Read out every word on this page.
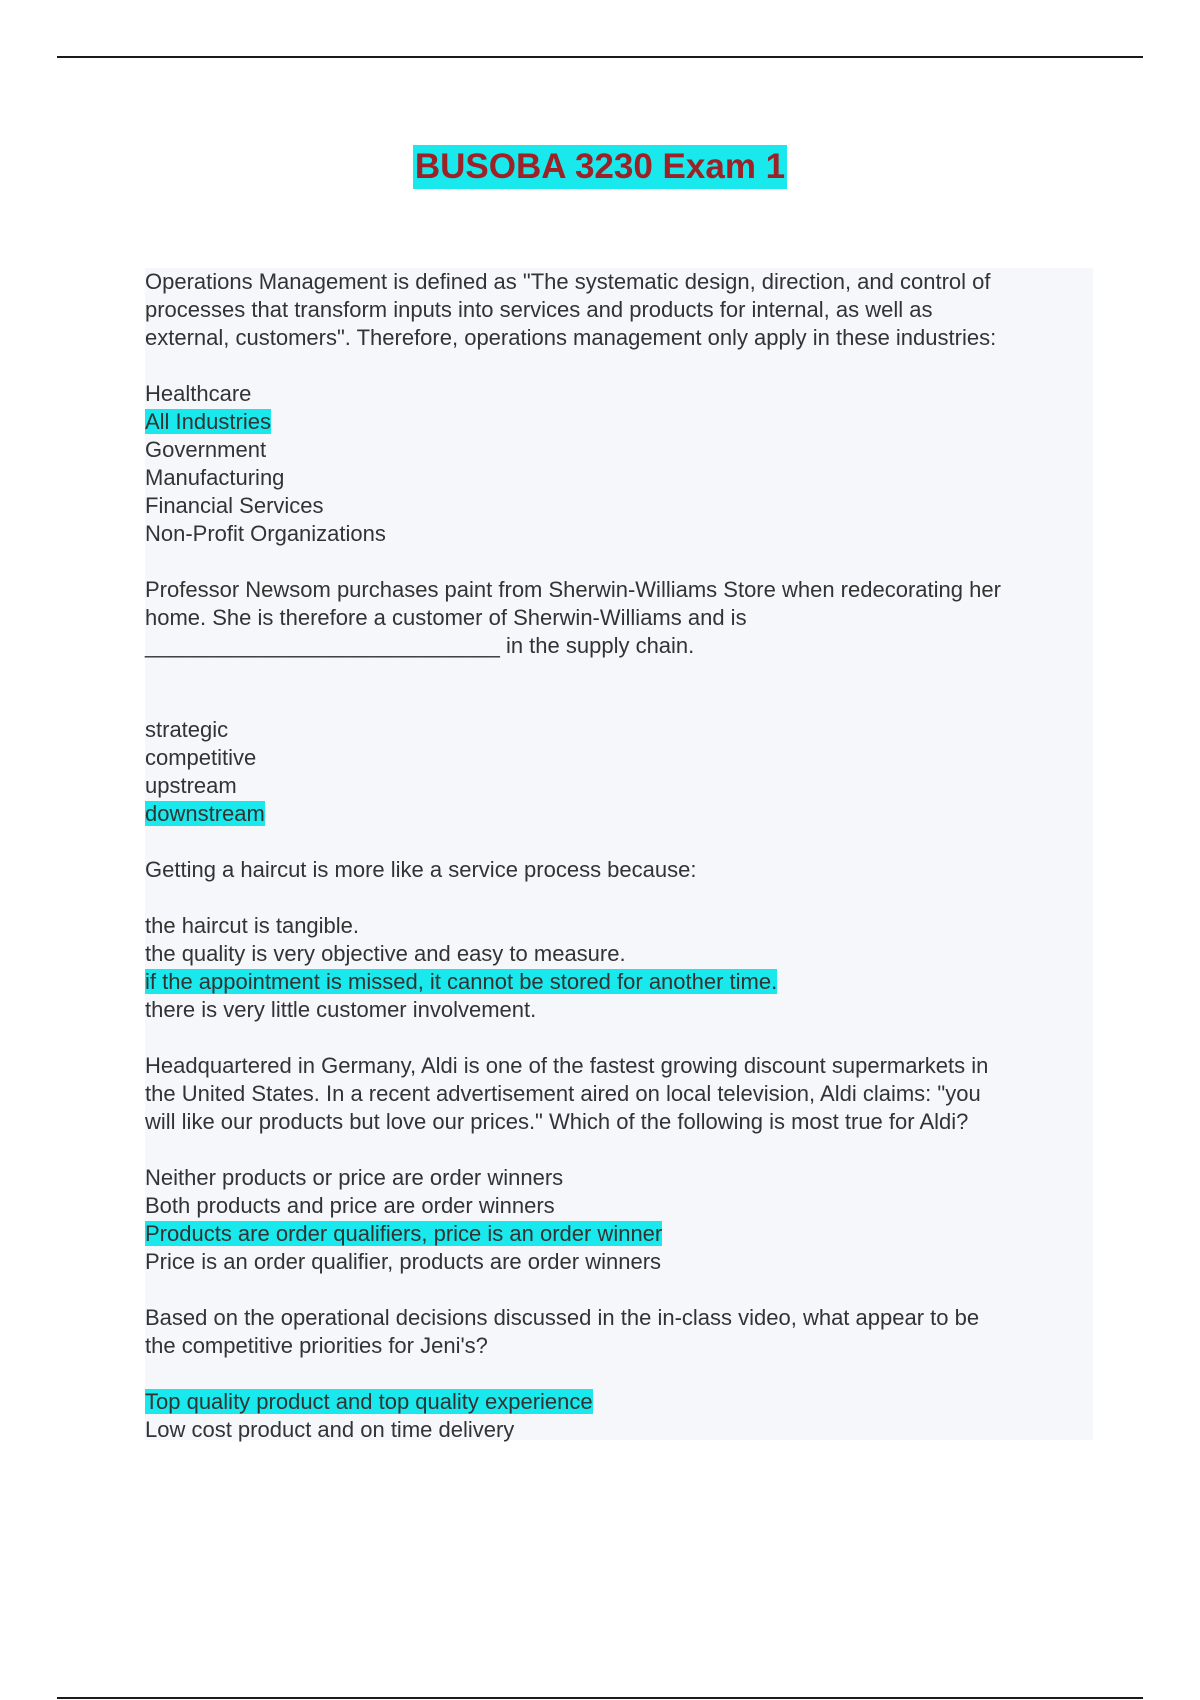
BUSOBA 3230 Exam 1
Operations Management is defined as "The systematic design, direction, and control of
processes that transform inputs into services and products for internal, as well as
external, customers". Therefore, operations management only apply in these industries:
Healthcare
All Industries
Government
Manufacturing
Financial Services
Non-Profit Organizations
Professor Newsom purchases paint from Sherwin-Williams Store when redecorating her
home. She is therefore a customer of Sherwin-Williams and is
_____________________________ in the supply chain.
strategic
competitive
upstream
downstream
Getting a haircut is more like a service process because:
the haircut is tangible.
the quality is very objective and easy to measure.
if the appointment is missed, it cannot be stored for another time.
there is very little customer involvement.
Headquartered in Germany, Aldi is one of the fastest growing discount supermarkets in
the United States. In a recent advertisement aired on local television, Aldi claims: "you
will like our products but love our prices." Which of the following is most true for Aldi?
Neither products or price are order winners
Both products and price are order winners
Products are order qualifiers, price is an order winner
Price is an order qualifier, products are order winners
Based on the operational decisions discussed in the in-class video, what appear to be
the competitive priorities for Jeni's?
Top quality product and top quality experience
Low cost product and on time delivery
